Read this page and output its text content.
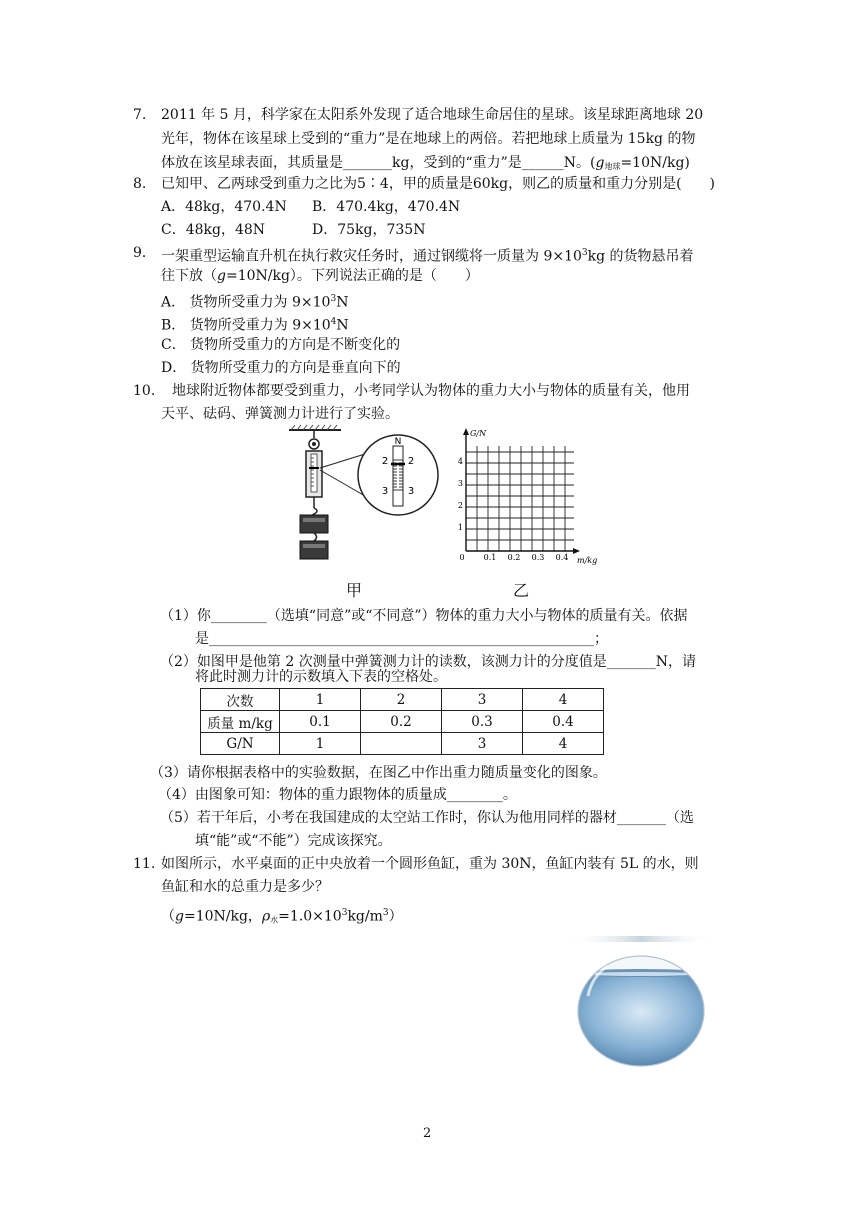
7. 2011 年 5 月，科学家在太阳系外发现了适合地球生命居住的星球。该星球距离地球 20
光年，物体在该星球上受到的“重力”是在地球上的两倍。若把地球上质量为 15kg 的物
体放在该星球表面，其质量是_______kg，受到的“重力”是______N。$(g_{地球}=10N/kg)$
8. 已知甲、乙两球受到重力之比为5∶4，甲的质量是60kg，则乙的质量和重力分别是(　　)
A．48kg，470.4N B．470.4kg，470.4N
C．48kg，48N	D．75kg，735N
9． 一架重型运输直升机在执行救灾任务时，通过钢缆将一质量为 $9\times 10^3kg$ 的货物悬吊着
往下放（g=10N/kg）。下列说法正确的是（　　）
A． 货物所受重力为 $9\times 10^3N$
B． 货物所受重力为 $9\times 10^4N$
C． 货物所受重力的方向是不断变化的
D． 货物所受重力的方向是垂直向下的
10. 地球附近物体都要受到重力，小考同学认为物体的重力大小与物体的质量有关，他用
天平、砝码、弹簧测力计进行了实验。
N
2 2
3 3
G/N
m/kg
1
2
3
4
0 0.1 0.2 0.3 0.4
甲	乙
（1）你________（选填“同意”或“不同意”）物体的重力大小与物体的质量有关。依据
是_______________________________________________________；
（2）如图甲是他第 2 次测量中弹簧测力计的读数，该测力计的分度值是_______N，请
将此时测力计的示数填入下表的空格处。
次数	1	2	3	4
质量 m/kg	0.1	0.2	0.3	0.4
G/N	1		3	4
（3）请你根据表格中的实验数据，在图乙中作出重力随质量变化的图象。
（4）由图象可知：物体的重力跟物体的质量成________。
（5）若干年后，小考在我国建成的太空站工作时，你认为他用同样的器材_______（选
填“能”或“不能”）完成该探究。
11. 如图所示，水平桌面的正中央放着一个圆形鱼缸，重为 30N，鱼缸内装有 5L 的水，则
鱼缸和水的总重力是多少？
（g=10N/kg，$\rho_水=1.0\times 10^3kg/m^3$）
2
